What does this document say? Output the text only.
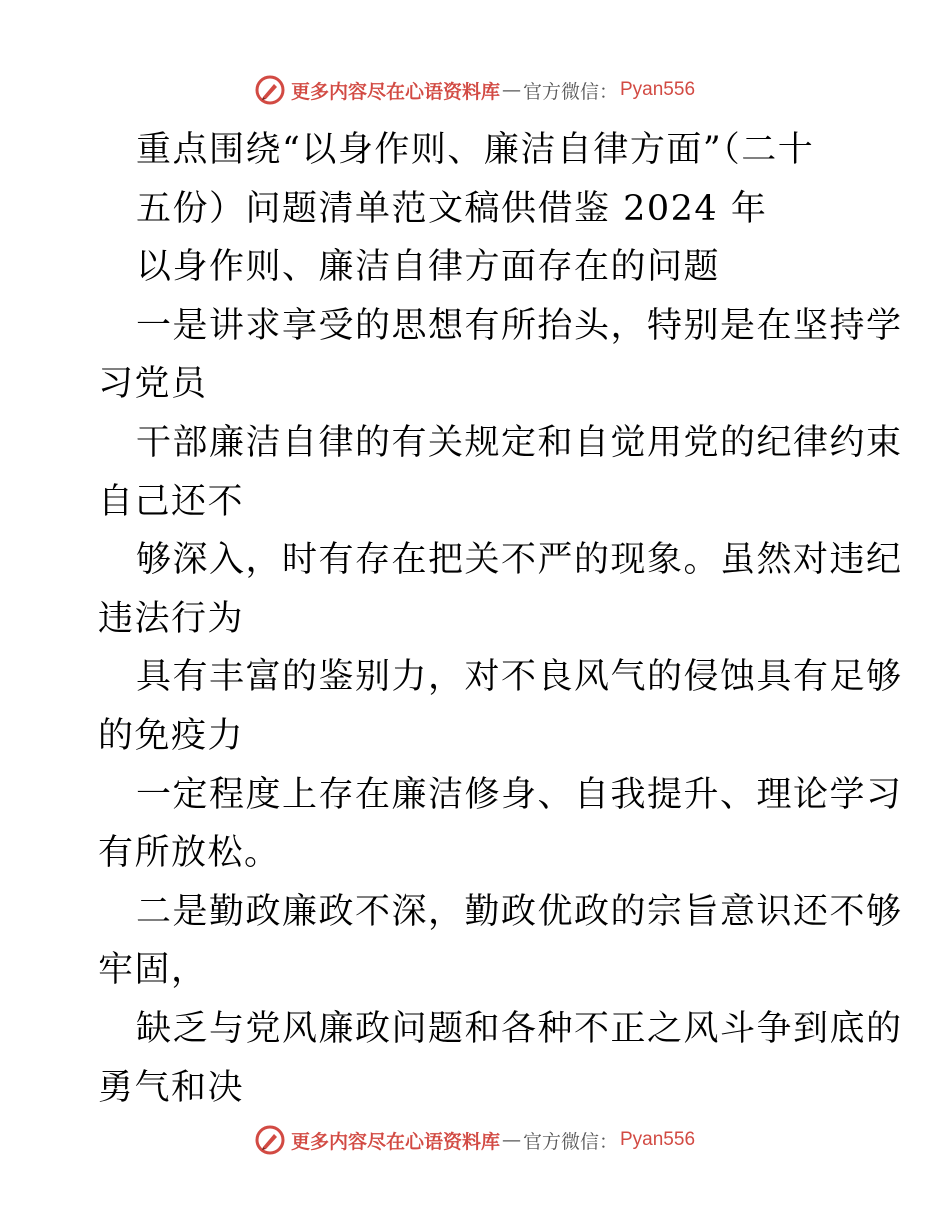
更多内容尽在心语资料库 — 官方微信： Pyan556
重点围绕“以身作则、廉洁自律方面”（二十
五份）问题清单范文稿供借鉴 2024 年
以身作则、廉洁自律方面存在的问题
一是讲求享受的思想有所抬头，特别是在坚持学
习党员
干部廉洁自律的有关规定和自觉用党的纪律约束
自己还不
够深入，时有存在把关不严的现象。虽然对违纪
违法行为
具有丰富的鉴别力，对不良风气的侵蚀具有足够
的免疫力
一定程度上存在廉洁修身、自我提升、理论学习
有所放松。
二是勤政廉政不深，勤政优政的宗旨意识还不够
牢固，
缺乏与党风廉政问题和各种不正之风斗争到底的
勇气和决
更多内容尽在心语资料库 — 官方微信： Pyan556
